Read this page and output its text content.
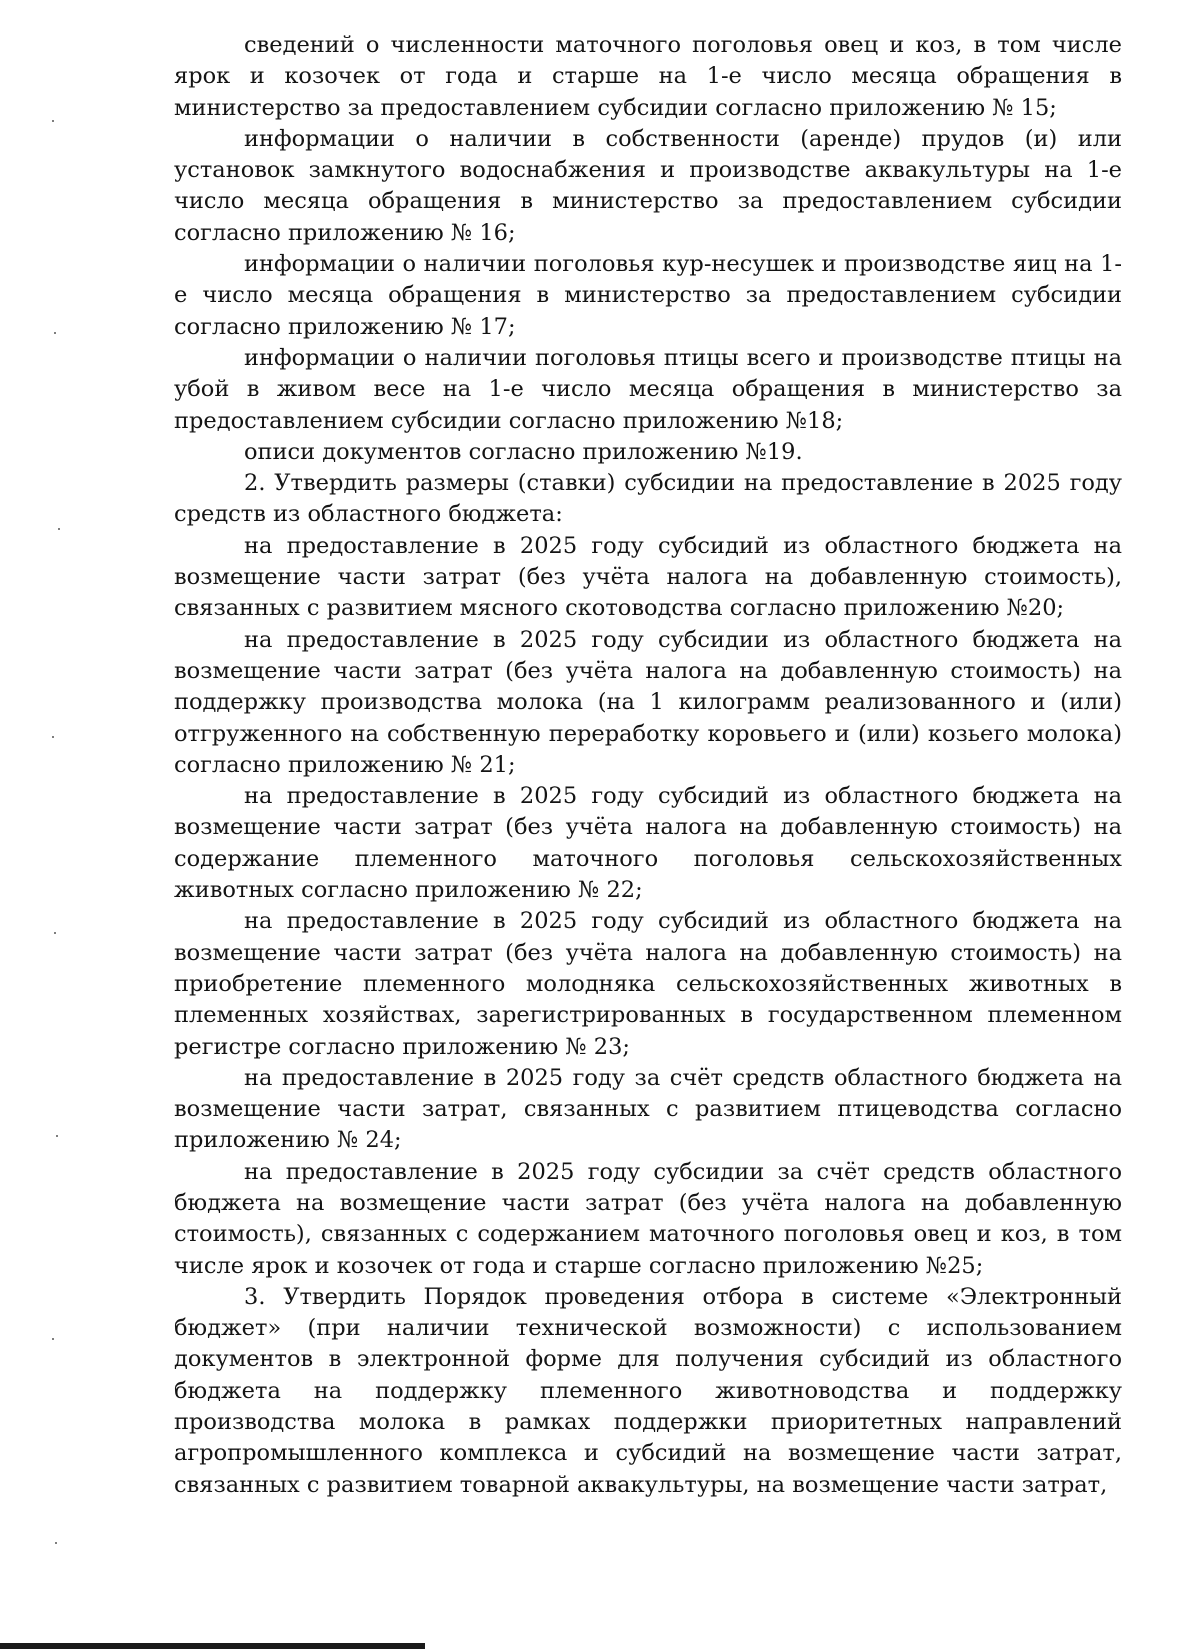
сведений о численности маточного поголовья овец и коз, в том числе ярок и козочек от года и старше на 1-е число месяца обращения в министерство за предоставлением субсидии согласно приложению № 15;

информации о наличии в собственности (аренде) прудов (и) или установок замкнутого водоснабжения и производстве аквакультуры на 1-е число месяца обращения в министерство за предоставлением субсидии согласно приложению № 16;

информации о наличии поголовья кур-несушек и производстве яиц на 1-е число месяца обращения в министерство за предоставлением субсидии согласно приложению № 17;

информации о наличии поголовья птицы всего и производстве птицы на убой в живом весе на 1-е число месяца обращения в министерство за предоставлением субсидии согласно приложению №18;

описи документов согласно приложению №19.

2. Утвердить размеры (ставки) субсидии на предоставление в 2025 году средств из областного бюджета:

на предоставление в 2025 году субсидий из областного бюджета на возмещение части затрат (без учёта налога на добавленную стоимость), связанных с развитием мясного скотоводства согласно приложению №20;

на предоставление в 2025 году субсидии из областного бюджета на возмещение части затрат (без учёта налога на добавленную стоимость) на поддержку производства молока (на 1 килограмм реализованного и (или) отгруженного на собственную переработку коровьего и (или) козьего молока) согласно приложению № 21;

на предоставление в 2025 году субсидий из областного бюджета на возмещение части затрат (без учёта налога на добавленную стоимость) на содержание племенного маточного поголовья сельскохозяйственных животных согласно приложению № 22;

на предоставление в 2025 году субсидий из областного бюджета на возмещение части затрат (без учёта налога на добавленную стоимость) на приобретение племенного молодняка сельскохозяйственных животных в племенных хозяйствах, зарегистрированных в государственном племенном регистре согласно приложению № 23;

на предоставление в 2025 году за счёт средств областного бюджета на возмещение части затрат, связанных с развитием птицеводства согласно приложению № 24;

на предоставление в 2025 году субсидии за счёт средств областного бюджета на возмещение части затрат (без учёта налога на добавленную стоимость), связанных с содержанием маточного поголовья овец и коз, в том числе ярок и козочек от года и старше согласно приложению №25;

3. Утвердить Порядок проведения отбора в системе «Электронный бюджет» (при наличии технической возможности) с использованием документов в электронной форме для получения субсидий из областного бюджета на поддержку племенного животноводства и поддержку производства молока в рамках поддержки приоритетных направлений агропромышленного комплекса и субсидий на возмещение части затрат, связанных с развитием товарной аквакультуры, на возмещение части затрат,
